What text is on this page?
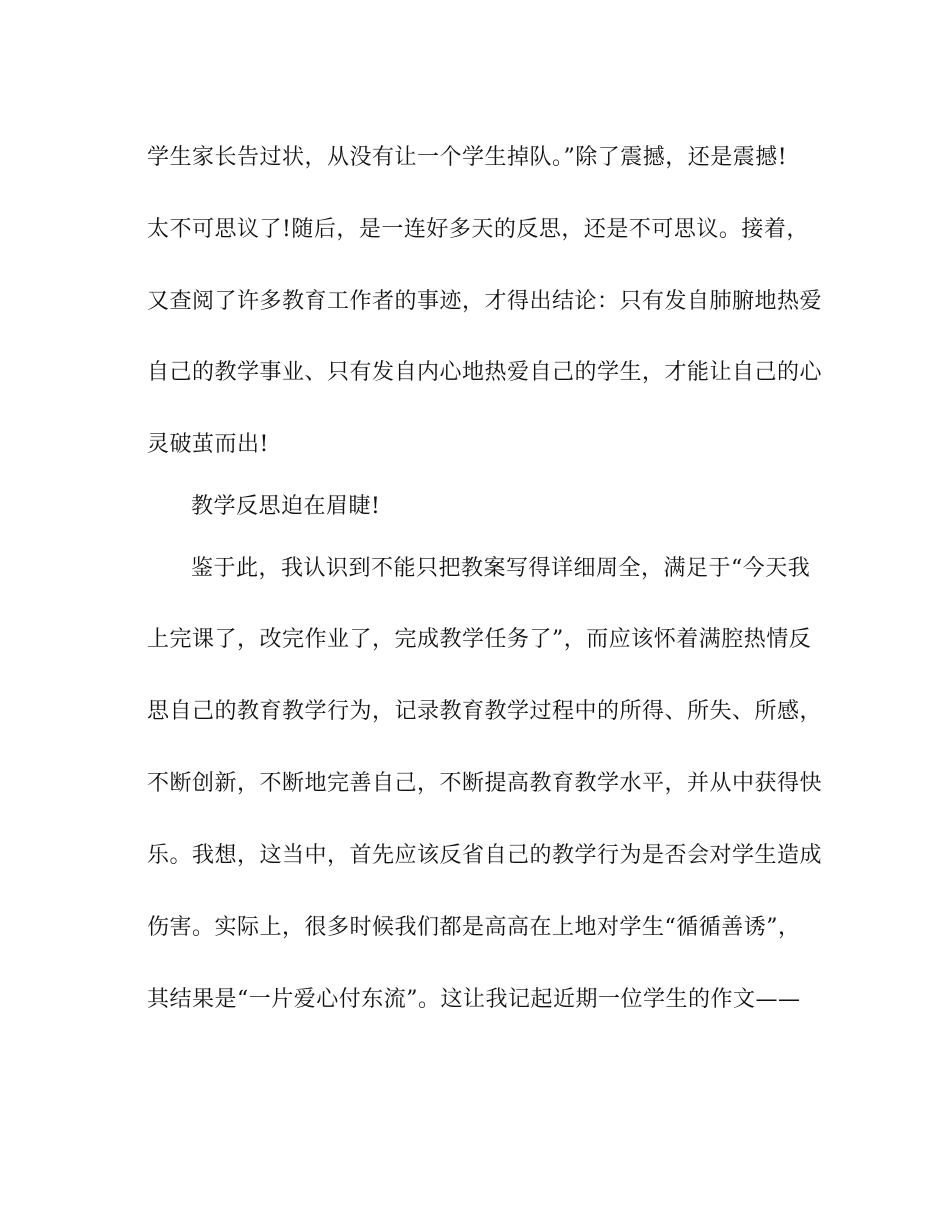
学生家长告过状，从没有让一个学生掉队。”除了震撼，还是震撼!
太不可思议了!随后，是一连好多天的反思，还是不可思议。接着，
又查阅了许多教育工作者的事迹，才得出结论：只有发自肺腑地热爱
自己的教学事业、只有发自内心地热爱自己的学生，才能让自己的心
灵破茧而出!
教学反思迫在眉睫!
鉴于此，我认识到不能只把教案写得详细周全，满足于“今天我
上完课了，改完作业了，完成教学任务了”，而应该怀着满腔热情反
思自己的教育教学行为，记录教育教学过程中的所得、所失、所感，
不断创新，不断地完善自己，不断提高教育教学水平，并从中获得快
乐。我想，这当中，首先应该反省自己的教学行为是否会对学生造成
伤害。实际上，很多时候我们都是高高在上地对学生“循循善诱”，
其结果是“一片爱心付东流”。这让我记起近期一位学生的作文——
